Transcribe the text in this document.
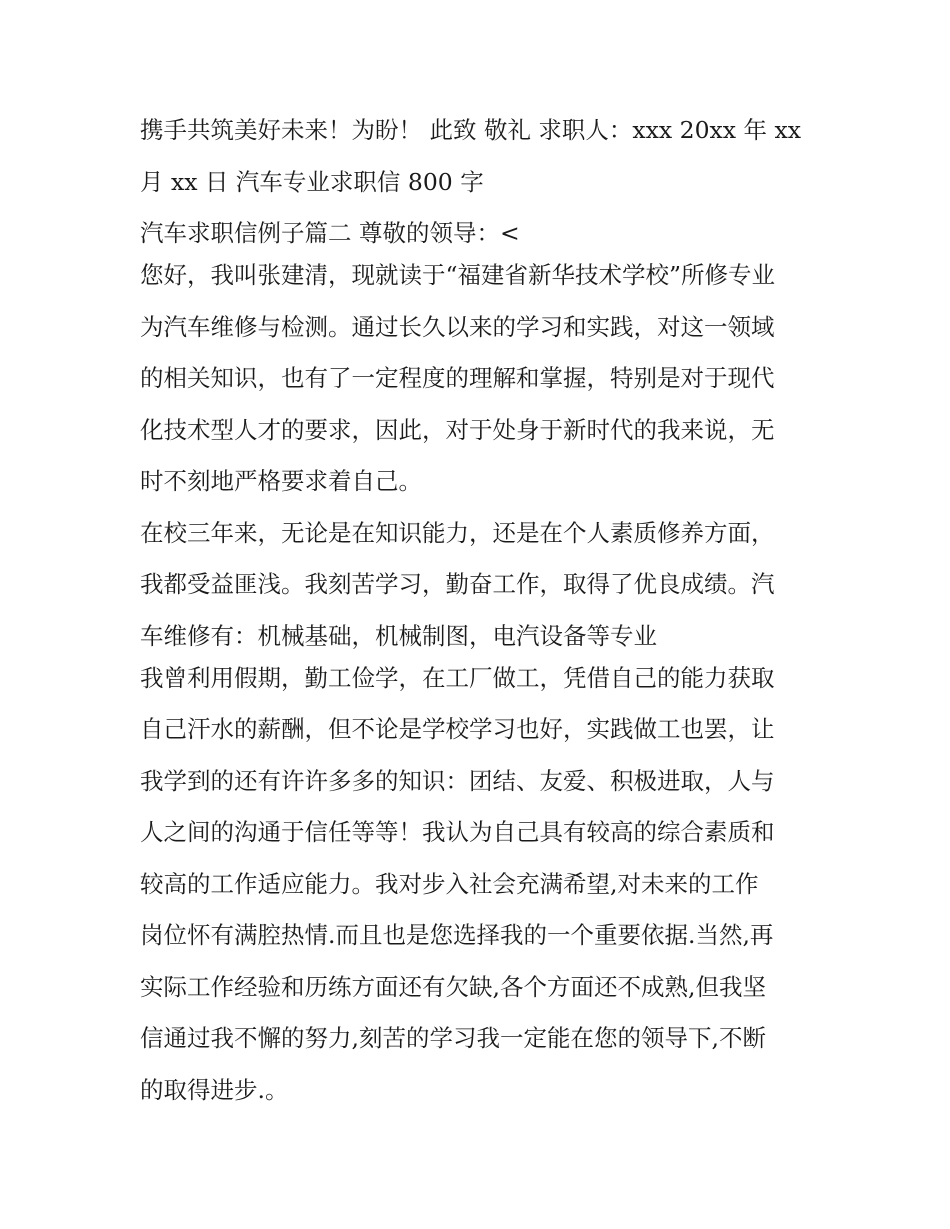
携手共筑美好未来！为盼！ 此致 敬礼 求职人：xxx 20xx 年 xx
月 xx 日 汽车专业求职信 800 字
汽车求职信例子篇二 尊敬的领导：<
您好，我叫张建清，现就读于“福建省新华技术学校”所修专业
为汽车维修与检测。通过长久以来的学习和实践，对这一领域
的相关知识，也有了一定程度的理解和掌握，特别是对于现代
化技术型人才的要求，因此，对于处身于新时代的我来说，无
时不刻地严格要求着自己。
在校三年来，无论是在知识能力，还是在个人素质修养方面，
我都受益匪浅。我刻苦学习，勤奋工作，取得了优良成绩。汽
车维修有：机械基础，机械制图，电汽设备等专业
我曾利用假期，勤工俭学，在工厂做工，凭借自己的能力获取
自己汗水的薪酬，但不论是学校学习也好，实践做工也罢，让
我学到的还有许许多多的知识：团结、友爱、积极进取，人与
人之间的沟通于信任等等！我认为自己具有较高的综合素质和
较高的工作适应能力。我对步入社会充满希望,对未来的工作
岗位怀有满腔热情.而且也是您选择我的一个重要依据.当然,再
实际工作经验和历练方面还有欠缺,各个方面还不成熟,但我坚
信通过我不懈的努力,刻苦的学习我一定能在您的领导下,不断
的取得进步.。
